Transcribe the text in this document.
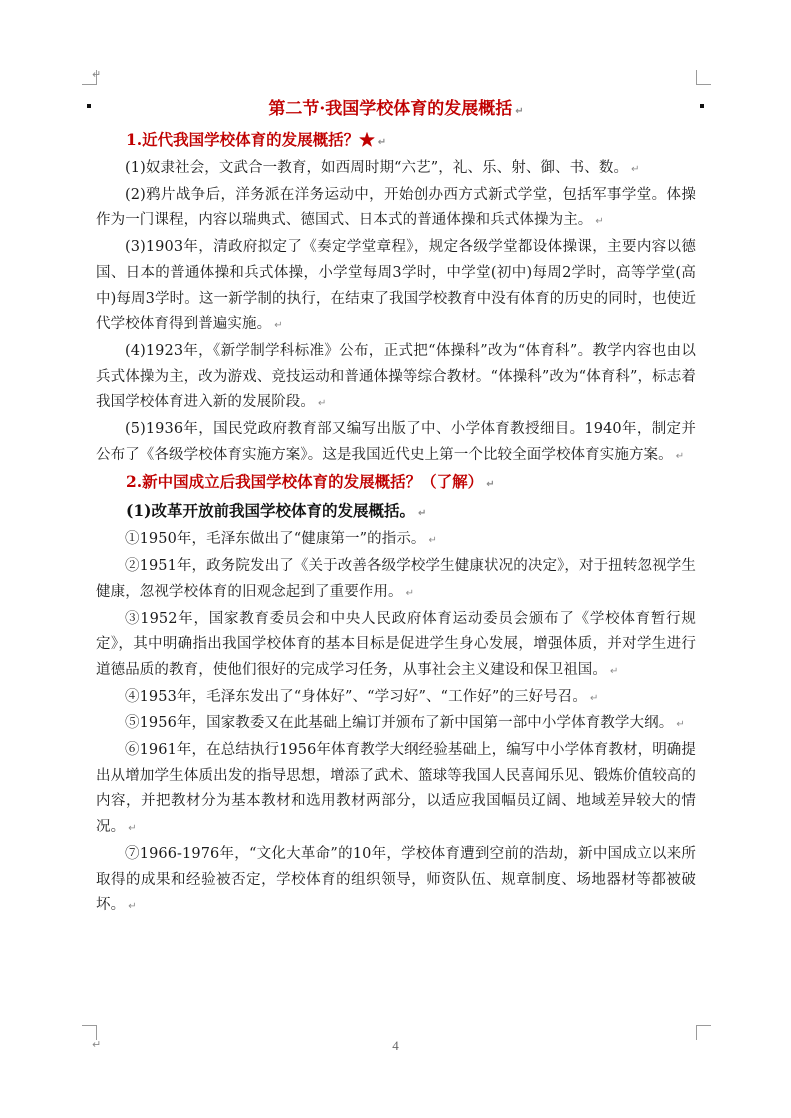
↵
↵

第二节·我国学校体育的发展概括 ↵

1.近代我国学校体育的发展概括？★ ↵

(1)奴隶社会，文武合一教育，如西周时期“六艺”，礼、乐、射、御、书、数。 ↵

(2)鸦片战争后，洋务派在洋务运动中，开始创办西方式新式学堂，包括军事学堂。体操作为一门课程，内容以瑞典式、德国式、日本式的普通体操和兵式体操为主。 ↵

(3)1903年，清政府拟定了《奏定学堂章程》，规定各级学堂都设体操课，主要内容以德国、日本的普通体操和兵式体操，小学堂每周3学时，中学堂(初中)每周2学时，高等学堂(高中)每周3学时。这一新学制的执行，在结束了我国学校教育中没有体育的历史的同时，也使近代学校体育得到普遍实施。 ↵

(4)1923年，《新学制学科标准》公布，正式把“体操科”改为“体育科”。教学内容也由以兵式体操为主，改为游戏、竞技运动和普通体操等综合教材。“体操科”改为“体育科”，标志着我国学校体育进入新的发展阶段。 ↵

(5)1936年，国民党政府教育部又编写出版了中、小学体育教授细目。1940年，制定并公布了《各级学校体育实施方案》。这是我国近代史上第一个比较全面学校体育实施方案。 ↵

2.新中国成立后我国学校体育的发展概括？（了解） ↵

(1)改革开放前我国学校体育的发展概括。 ↵

①1950年，毛泽东做出了“健康第一”的指示。 ↵

②1951年，政务院发出了《关于改善各级学校学生健康状况的决定》，对于扭转忽视学生健康，忽视学校体育的旧观念起到了重要作用。 ↵

③1952年，国家教育委员会和中央人民政府体育运动委员会颁布了《学校体育暂行规定》，其中明确指出我国学校体育的基本目标是促进学生身心发展，增强体质，并对学生进行道德品质的教育，使他们很好的完成学习任务，从事社会主义建设和保卫祖国。 ↵

④1953年，毛泽东发出了“身体好”、“学习好”、“工作好”的三好号召。 ↵

⑤1956年，国家教委又在此基础上编订并颁布了新中国第一部中小学体育教学大纲。 ↵

⑥1961年，在总结执行1956年体育教学大纲经验基础上，编写中小学体育教材，明确提出从增加学生体质出发的指导思想，增添了武术、篮球等我国人民喜闻乐见、锻炼价值较高的内容，并把教材分为基本教材和选用教材两部分，以适应我国幅员辽阔、地域差异较大的情况。 ↵

⑦1966-1976年，“文化大革命”的10年，学校体育遭到空前的浩劫，新中国成立以来所取得的成果和经验被否定，学校体育的组织领导，师资队伍、规章制度、场地器材等都被破坏。 ↵

4
